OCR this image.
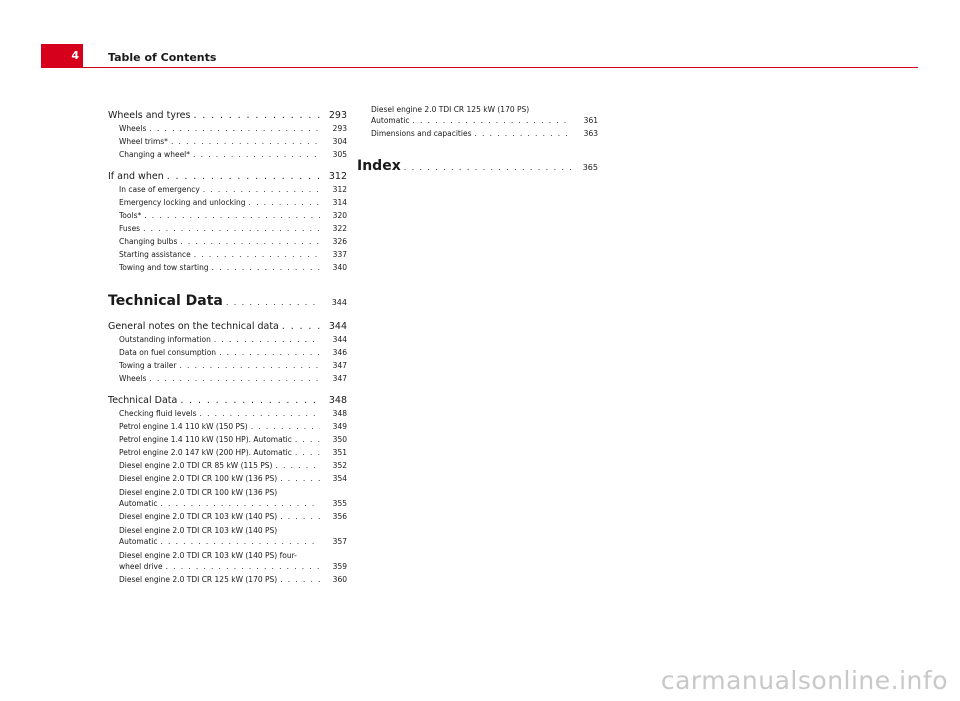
4	Table of Contents
Wheels and tyres . . .	293
Wheels . . .	293
Wheel trims* . . .	304
Changing a wheel* . . .	305
If and when . . .	312
In case of emergency . . .	312
Emergency locking and unlocking . . .	314
Tools* . . .	320
Fuses . . .	322
Changing bulbs . . .	326
Starting assistance . . .	337
Towing and tow starting . . .	340
Technical Data . . .	344
General notes on the technical data . . .	344
Outstanding information . . .	344
Data on fuel consumption . . .	346
Towing a trailer . . .	347
Wheels . . .	347
Technical Data . . .	348
Checking fluid levels . . .	348
Petrol engine 1.4 110 kW (150 PS) . . .	349
Petrol engine 1.4 110 kW (150 HP). Automatic . . .	350
Petrol engine 2.0 147 kW (200 HP). Automatic . . .	351
Diesel engine 2.0 TDI CR 85 kW (115 PS) . . .	352
Diesel engine 2.0 TDI CR 100 kW (136 PS) . . .	354
Diesel engine 2.0 TDI CR 100 kW (136 PS)
Automatic . . .	355
Diesel engine 2.0 TDI CR 103 kW (140 PS) . . .	356
Diesel engine 2.0 TDI CR 103 kW (140 PS)
Automatic . . .	357
Diesel engine 2.0 TDI CR 103 kW (140 PS) four-
wheel drive . . .	359
Diesel engine 2.0 TDI CR 125 kW (170 PS) . . .	360
Diesel engine 2.0 TDI CR 125 kW (170 PS)
Automatic . . .	361
Dimensions and capacities . . .	363
Index . . .	365
carmanualsonline.info
